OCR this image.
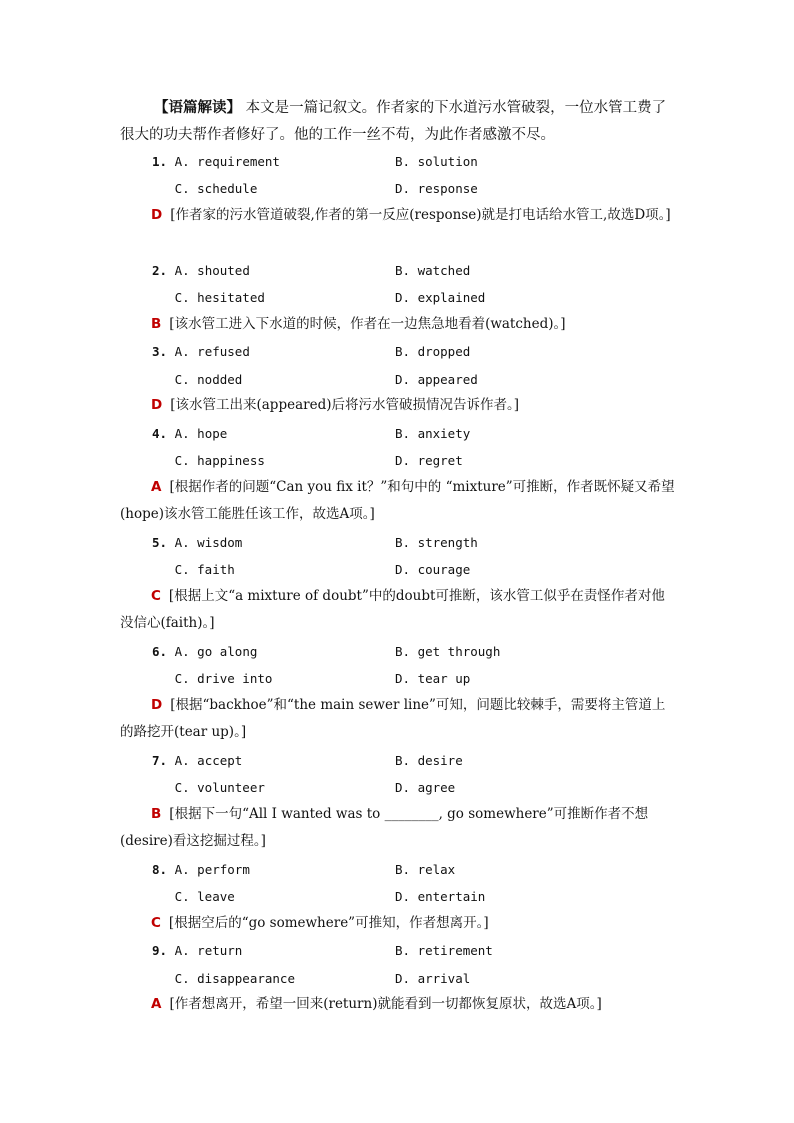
【语篇解读】 本文是一篇记叙文。作者家的下水道污水管破裂，一位水管工费了很大的功夫帮作者修好了。他的工作一丝不苟，为此作者感激不尽。
1. A. requirement	B. solution
C. schedule	D. response
D [作者家的污水管道破裂,作者的第一反应(response)就是打电话给水管工,故选D项。]
2. A. shouted	B. watched
C. hesitated	D. explained
B [该水管工进入下水道的时候，作者在一边焦急地看着(watched)。]
3. A. refused	B. dropped
C. nodded	D. appeared
D [该水管工出来(appeared)后将污水管破损情况告诉作者。]
4. A. hope	B. anxiety
C. happiness	D. regret
A [根据作者的问题“Can you fix it？”和句中的 “mixture”可推断，作者既怀疑又希望(hope)该水管工能胜任该工作，故选A项。]
5. A. wisdom	B. strength
C. faith	D. courage
C [根据上文“a mixture of doubt”中的doubt可推断，该水管工似乎在责怪作者对他没信心(faith)。]
6. A. go along	B. get through
C. drive into	D. tear up
D [根据“backhoe”和“the main sewer line”可知，问题比较棘手，需要将主管道上的路挖开(tear up)。]
7. A. accept	B. desire
C. volunteer	D. agree
B [根据下一句“All I wanted was to ________, go somewhere”可推断作者不想(desire)看这挖掘过程。]
8. A. perform	B. relax
C. leave	D. entertain
C [根据空后的“go somewhere”可推知，作者想离开。]
9. A. return	B. retirement
C. disappearance	D. arrival
A [作者想离开，希望一回来(return)就能看到一切都恢复原状，故选A项。]
